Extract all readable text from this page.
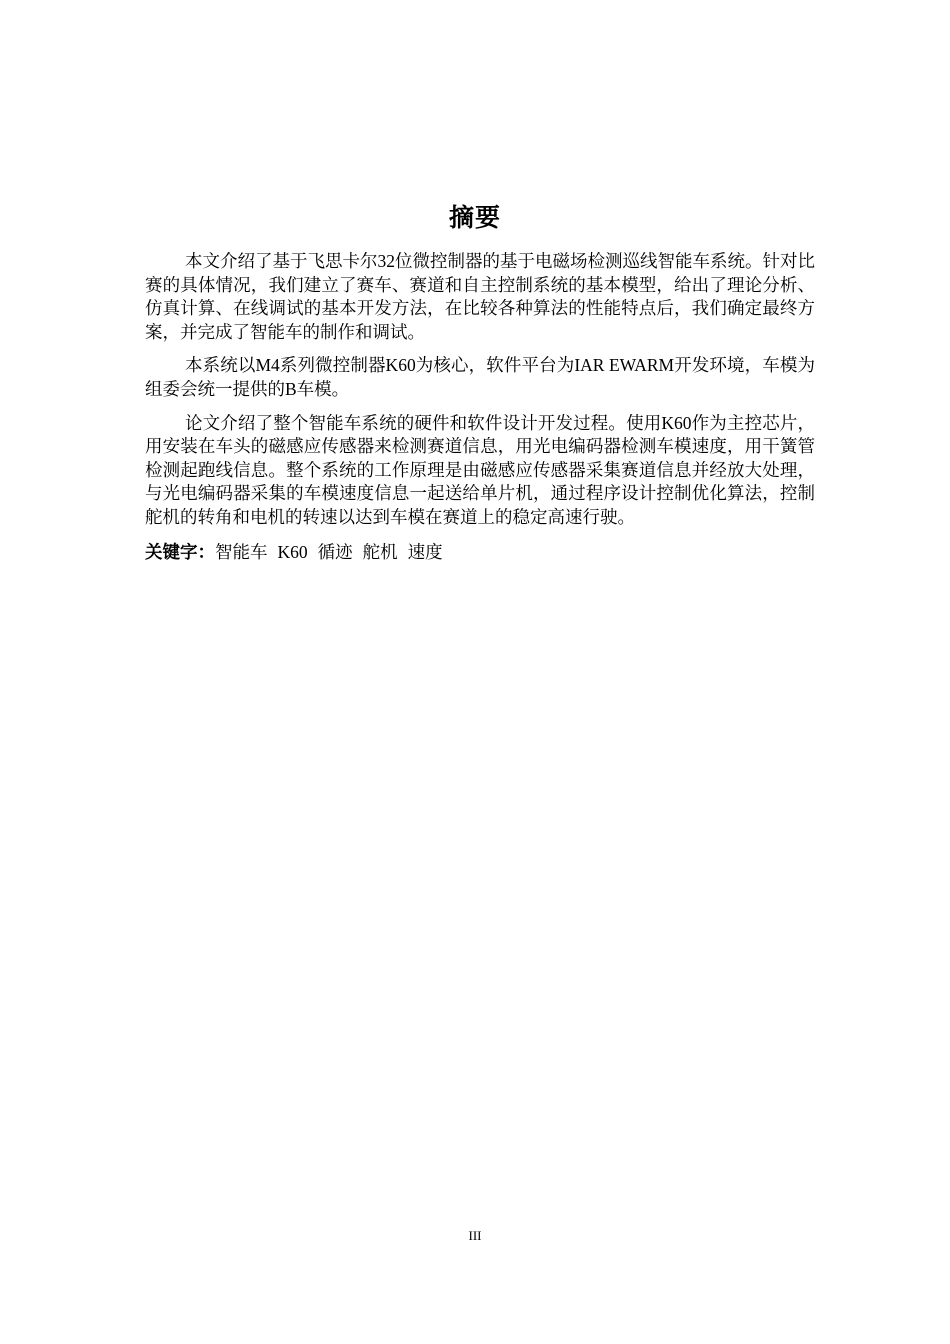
摘要

本文介绍了基于飞思卡尔32位微控制器的基于电磁场检测巡线智能车系统。针对比赛的具体情况，我们建立了赛车、赛道和自主控制系统的基本模型，给出了理论分析、仿真计算、在线调试的基本开发方法，在比较各种算法的性能特点后，我们确定最终方案，并完成了智能车的制作和调试。

本系统以M4系列微控制器K60为核心，软件平台为IAR EWARM开发环境，车模为组委会统一提供的B车模。

论文介绍了整个智能车系统的硬件和软件设计开发过程。使用K60作为主控芯片，用安装在车头的磁感应传感器来检测赛道信息，用光电编码器检测车模速度，用干簧管检测起跑线信息。整个系统的工作原理是由磁感应传感器采集赛道信息并经放大处理，与光电编码器采集的车模速度信息一起送给单片机，通过程序设计控制优化算法，控制舵机的转角和电机的转速以达到车模在赛道上的稳定高速行驶。

关键字：智能车 K60 循迹 舵机 速度

III
